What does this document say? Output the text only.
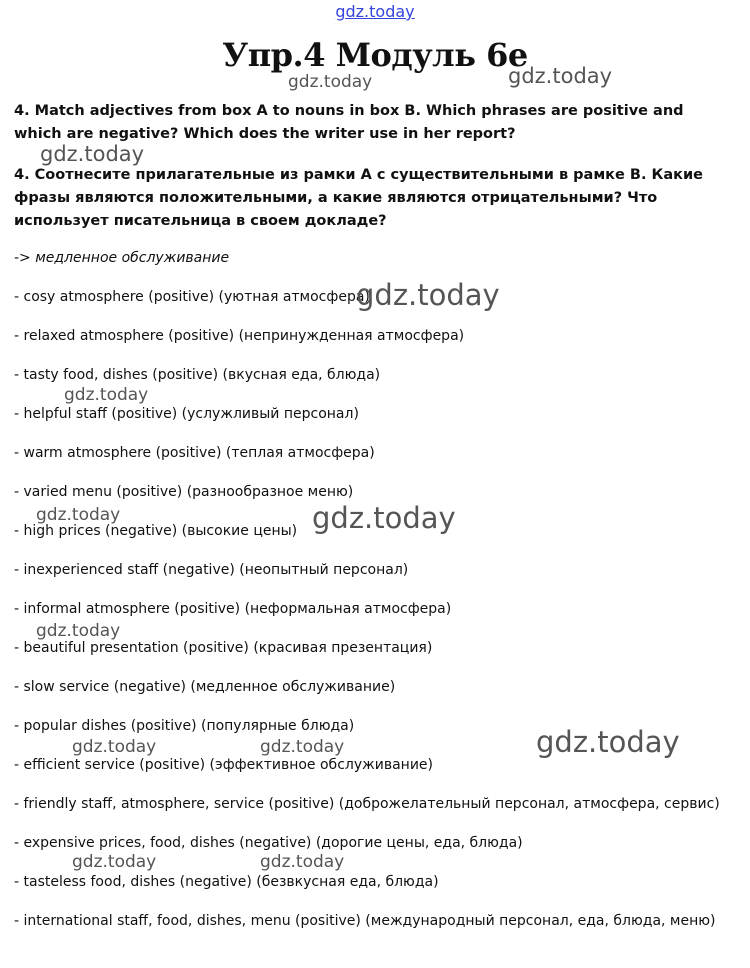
gdz.today
Упр.4 Модуль 6е
4. Match adjectives from box A to nouns in box B. Which phrases are positive and which are negative? Which does the writer use in her report?
4. Соотнесите прилагательные из рамки А с существительными в рамке В. Какие фразы являются положительными, а какие являются отрицательными? Что использует писательница в своем докладе?
-> медленное обслуживание
- cosy atmosphere (positive) (уютная атмосфера)
- relaxed atmosphere (positive) (непринужденная атмосфера)
- tasty food, dishes (positive) (вкусная еда, блюда)
- helpful staff (positive) (услужливый персонал)
- warm atmosphere (positive) (теплая атмосфера)
- varied menu (positive) (разнообразное меню)
- high prices (negative) (высокие цены)
- inexperienced staff (negative) (неопытный персонал)
- informal atmosphere (positive) (неформальная атмосфера)
- beautiful presentation (positive) (красивая презентация)
- slow service (negative) (медленное обслуживание)
- popular dishes (positive) (популярные блюда)
- efficient service (positive) (эффективное обслуживание)
- friendly staff, atmosphere, service (positive) (доброжелательный персонал, атмосфера, сервис)
- expensive prices, food, dishes (negative) (дорогие цены, еда, блюда)
- tasteless food, dishes (negative) (безвкусная еда, блюда)
- international staff, food, dishes, menu (positive) (международный персонал, еда, блюда, меню)
gdz.today	gdz.today
gdz.today
gdz.today
gdz.today
gdz.today	gdz.today
gdz.today
gdz.today	gdz.today	gdz.today
gdz.today	gdz.today
